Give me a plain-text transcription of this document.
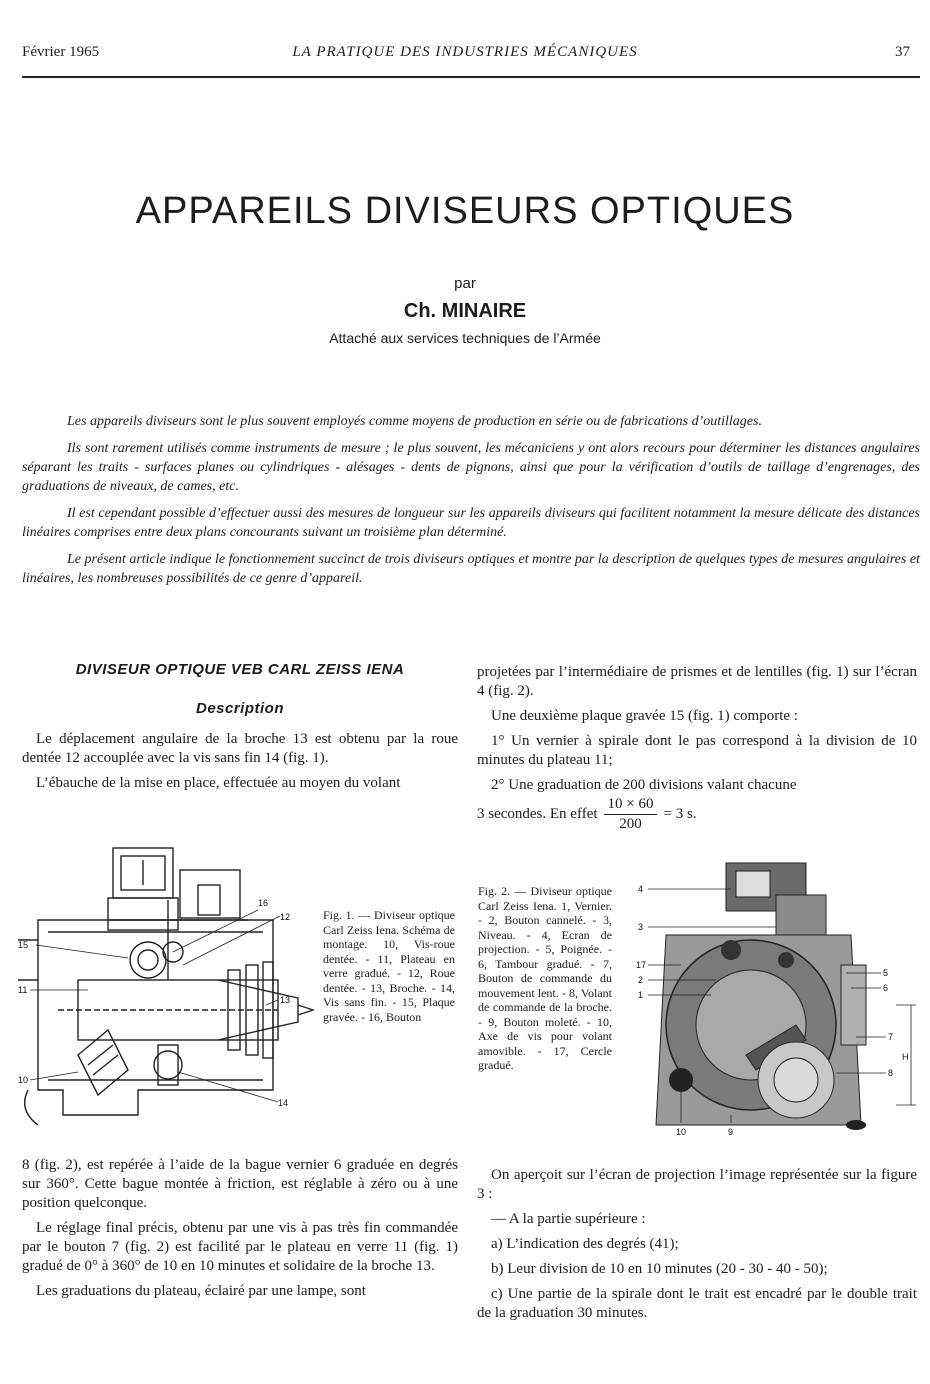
Février 1965	LA PRATIQUE DES INDUSTRIES MÉCANIQUES	37
APPAREILS DIVISEURS OPTIQUES
par
Ch. MINAIRE
Attaché aux services techniques de l’Armée

Les appareils diviseurs sont le plus souvent employés comme moyens de production en série ou de fabrications d’outillages.

Ils sont rarement utilisés comme instruments de mesure ; le plus souvent, les mécaniciens y ont alors recours pour déterminer les distances angulaires séparant les traits - surfaces planes ou cylindriques - alésages - dents de pignons, ainsi que pour la vérification d’outils de taillage d’engrenages, des graduations de niveaux, de cames, etc.

Il est cependant possible d’effectuer aussi des mesures de longueur sur les appareils diviseurs qui facilitent notamment la mesure délicate des distances linéaires comprises entre deux plans concourants suivant un troisième plan déterminé.

Le présent article indique le fonctionnement succinct de trois diviseurs optiques et montre par la description de quelques types de mesures angulaires et linéaires, les nombreuses possibilités de ce genre d’appareil.

DIVISEUR OPTIQUE VEB CARL ZEISS IENA
Description

Le déplacement angulaire de la broche 13 est obtenu par la roue dentée 12 accouplée avec la vis sans fin 14 (fig. 1).

L’ébauche de la mise en place, effectuée au moyen du volant

projetées par l’intermédiaire de prismes et de lentilles (fig. 1) sur l’écran 4 (fig. 2).

Une deuxième plaque gravée 15 (fig. 1) comporte :

1° Un vernier à spirale dont le pas correspond à la division de 10 minutes du plateau 11;

2° Une graduation de 200 divisions valant chacune

3 secondes. En effet $\frac{10 \times 60}{200} = 3$ s.
16
12
15
11
13
10
14
Fig. 1. — Diviseur optique Carl Zeiss Iena. Schéma de montage. 10, Vis-roue dentée. - 11, Plateau en verre gradué. - 12, Roue dentée. - 13, Broche. - 14, Vis sans fin. - 15, Plaque gravée. - 16, Bouton
Fig. 2. — Diviseur optique Carl Zeiss Iena. 1, Vernier. - 2, Bouton cannelé. - 3, Niveau. - 4, Ecran de projection. - 5, Poignée. - 6, Tambour gradué. - 7, Bouton de commande du mouvement lent. - 8, Volant de commande de la broche. - 9, Bouton moleté. - 10, Axe de vis pour volant amovible. - 17, Cercle gradué.
4
3
17
2
1
5
6
7
H
8
10	9

8 (fig. 2), est repérée à l’aide de la bague vernier 6 graduée en degrés sur 360°. Cette bague montée à friction, est réglable à zéro ou à une position quelconque.

Le réglage final précis, obtenu par une vis à pas très fin commandée par le bouton 7 (fig. 2) est facilité par le plateau en verre 11 (fig. 1) gradué de 0° à 360° de 10 en 10 minutes et solidaire de la broche 13.

Les graduations du plateau, éclairé par une lampe, sont

On aperçoit sur l’écran de projection l’image représentée sur la figure 3 :

— A la partie supérieure :

a) L’indication des degrés (41);

b) Leur division de 10 en 10 minutes (20 - 30 - 40 - 50);

c) Une partie de la spirale dont le trait est encadré par le double trait de la graduation 30 minutes.
